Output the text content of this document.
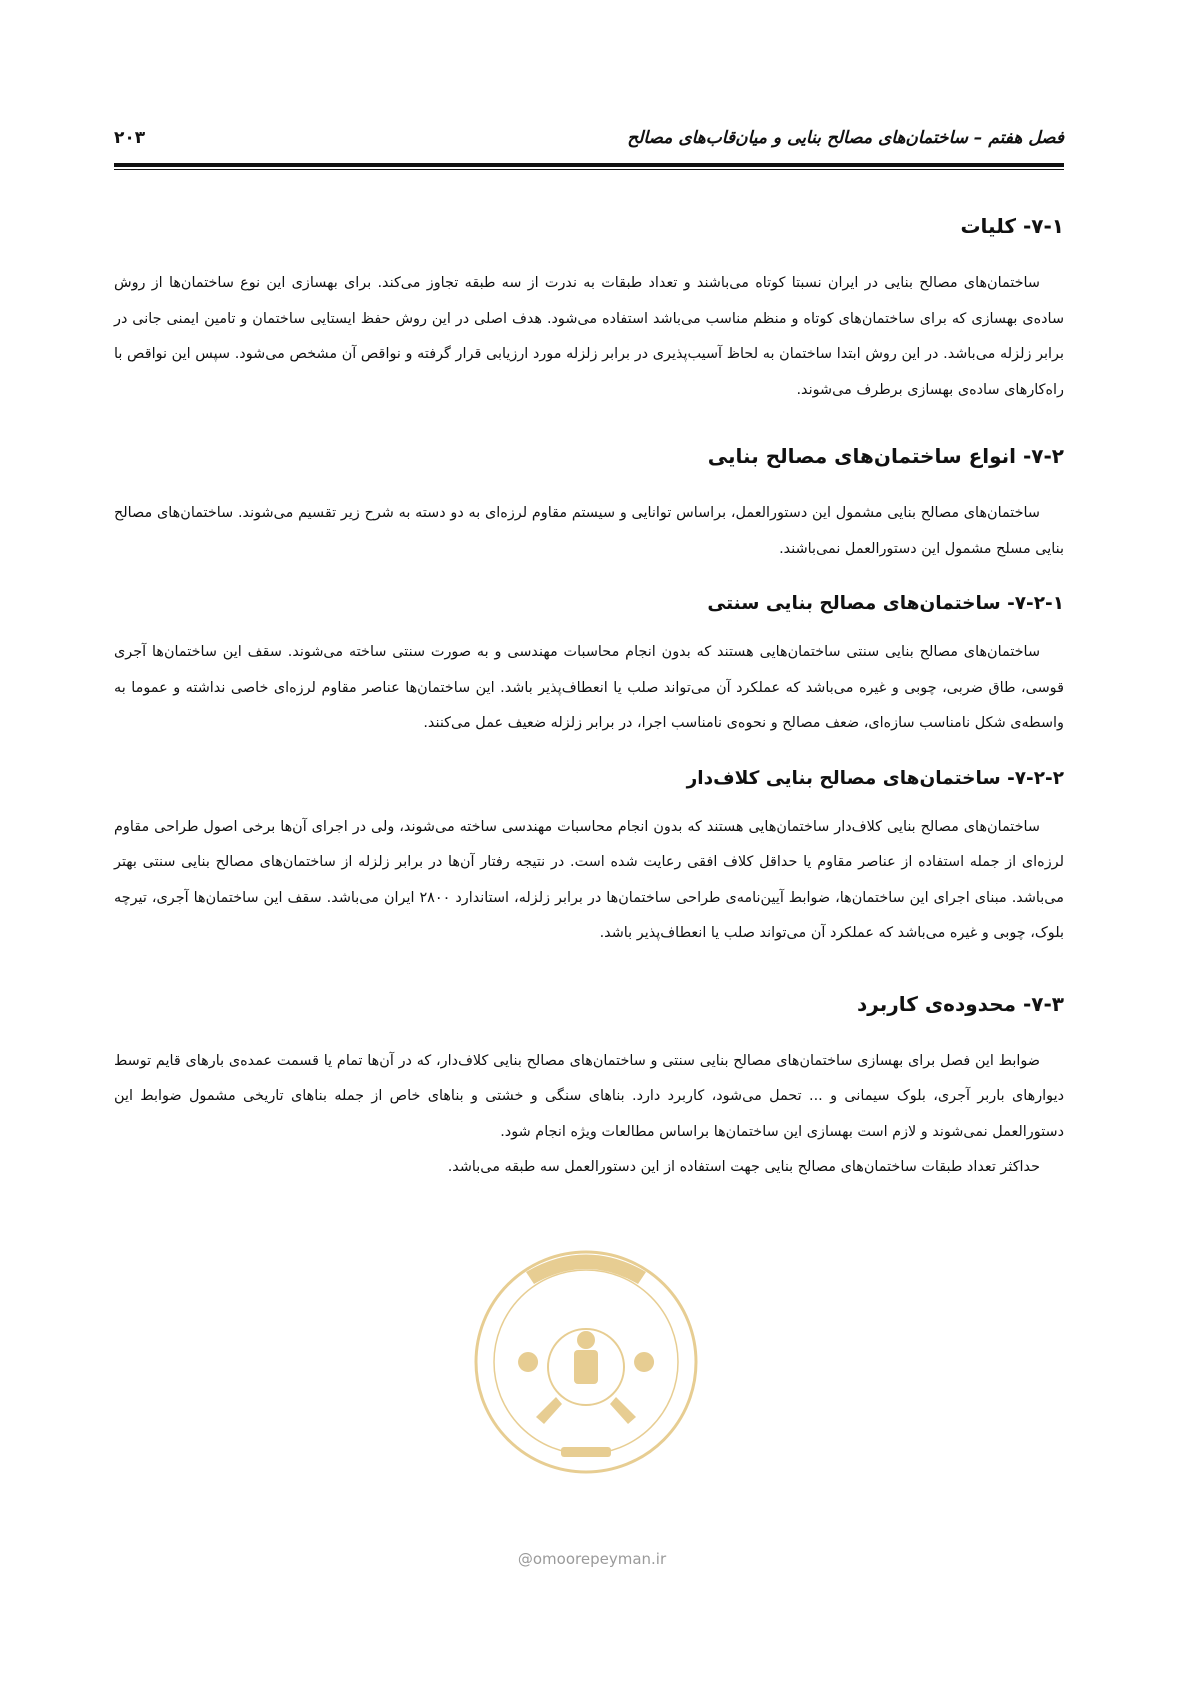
فصل هفتم – ساختمان‌های مصالح بنایی و میان‌قاب‌های مصالح
۲۰۳
۷-۱- کلیات

ساختمان‌های مصالح بنایی در ایران نسبتا کوتاه می‌باشند و تعداد طبقات به ندرت از سه طبقه تجاوز می‌کند. برای بهسازی این نوع ساختمان‌ها از روش ساده‌ی بهسازی که برای ساختمان‌های کوتاه و منظم مناسب می‌باشد استفاده می‌شود. هدف اصلی در این روش حفظ ایستایی ساختمان و تامین ایمنی جانی در برابر زلزله می‌باشد. در این روش ابتدا ساختمان به لحاظ آسیب‌پذیری در برابر زلزله مورد ارزیابی قرار گرفته و نواقص آن مشخص می‌شود. سپس این نواقص با راه‌کارهای ساده‌ی بهسازی برطرف می‌شوند.

۷-۲- انواع ساختمان‌های مصالح بنایی

ساختمان‌های مصالح بنایی مشمول این دستورالعمل، براساس توانایی و سیستم مقاوم لرزه‌ای به دو دسته به شرح زیر تقسیم می‌شوند. ساختمان‌های مصالح بنایی مسلح مشمول این دستورالعمل نمی‌باشند.

۷-۲-۱- ساختمان‌های مصالح بنایی سنتی

ساختمان‌های مصالح بنایی سنتی ساختمان‌هایی هستند که بدون انجام محاسبات مهندسی و به صورت سنتی ساخته می‌شوند. سقف این ساختمان‌ها آجری قوسی، طاق ضربی، چوبی و غیره می‌باشد که عملکرد آن می‌تواند صلب یا انعطاف‌پذیر باشد. این ساختمان‌ها عناصر مقاوم لرزه‌ای خاصی نداشته و عموما به واسطه‌ی شکل نامناسب سازه‌ای، ضعف مصالح و نحوه‌ی نامناسب اجرا، در برابر زلزله ضعیف عمل می‌کنند.

۷-۲-۲- ساختمان‌های مصالح بنایی کلاف‌دار

ساختمان‌های مصالح بنایی کلاف‌دار ساختمان‌هایی هستند که بدون انجام محاسبات مهندسی ساخته می‌شوند، ولی در اجرای آن‌ها برخی اصول طراحی مقاوم لرزه‌ای از جمله استفاده از عناصر مقاوم یا حداقل کلاف افقی رعایت شده است. در نتیجه رفتار آن‌ها در برابر زلزله از ساختمان‌های مصالح بنایی سنتی بهتر می‌باشد. مبنای اجرای این ساختمان‌ها، ضوابط آیین‌نامه‌ی طراحی ساختمان‌ها در برابر زلزله، استاندارد ۲۸۰۰ ایران می‌باشد. سقف این ساختمان‌ها آجری، تیرچه بلوک، چوبی و غیره می‌باشد که عملکرد آن می‌تواند صلب یا انعطاف‌پذیر باشد.

۷-۳- محدوده‌ی کاربرد

ضوابط این فصل برای بهسازی ساختمان‌های مصالح بنایی سنتی و ساختمان‌های مصالح بنایی کلاف‌دار، که در آن‌ها تمام یا قسمت عمده‌ی بارهای قایم توسط دیوارهای باربر آجری، بلوک سیمانی و ... تحمل می‌شود، کاربرد دارد. بناهای سنگی و خشتی و بناهای خاص از جمله بناهای تاریخی مشمول ضوابط این دستورالعمل نمی‌شوند و لازم است بهسازی این ساختمان‌ها براساس مطالعات ویژه انجام شود.

حداکثر تعداد طبقات ساختمان‌های مصالح بنایی جهت استفاده از این دستورالعمل سه طبقه می‌باشد.

@omoorepeyman.ir
